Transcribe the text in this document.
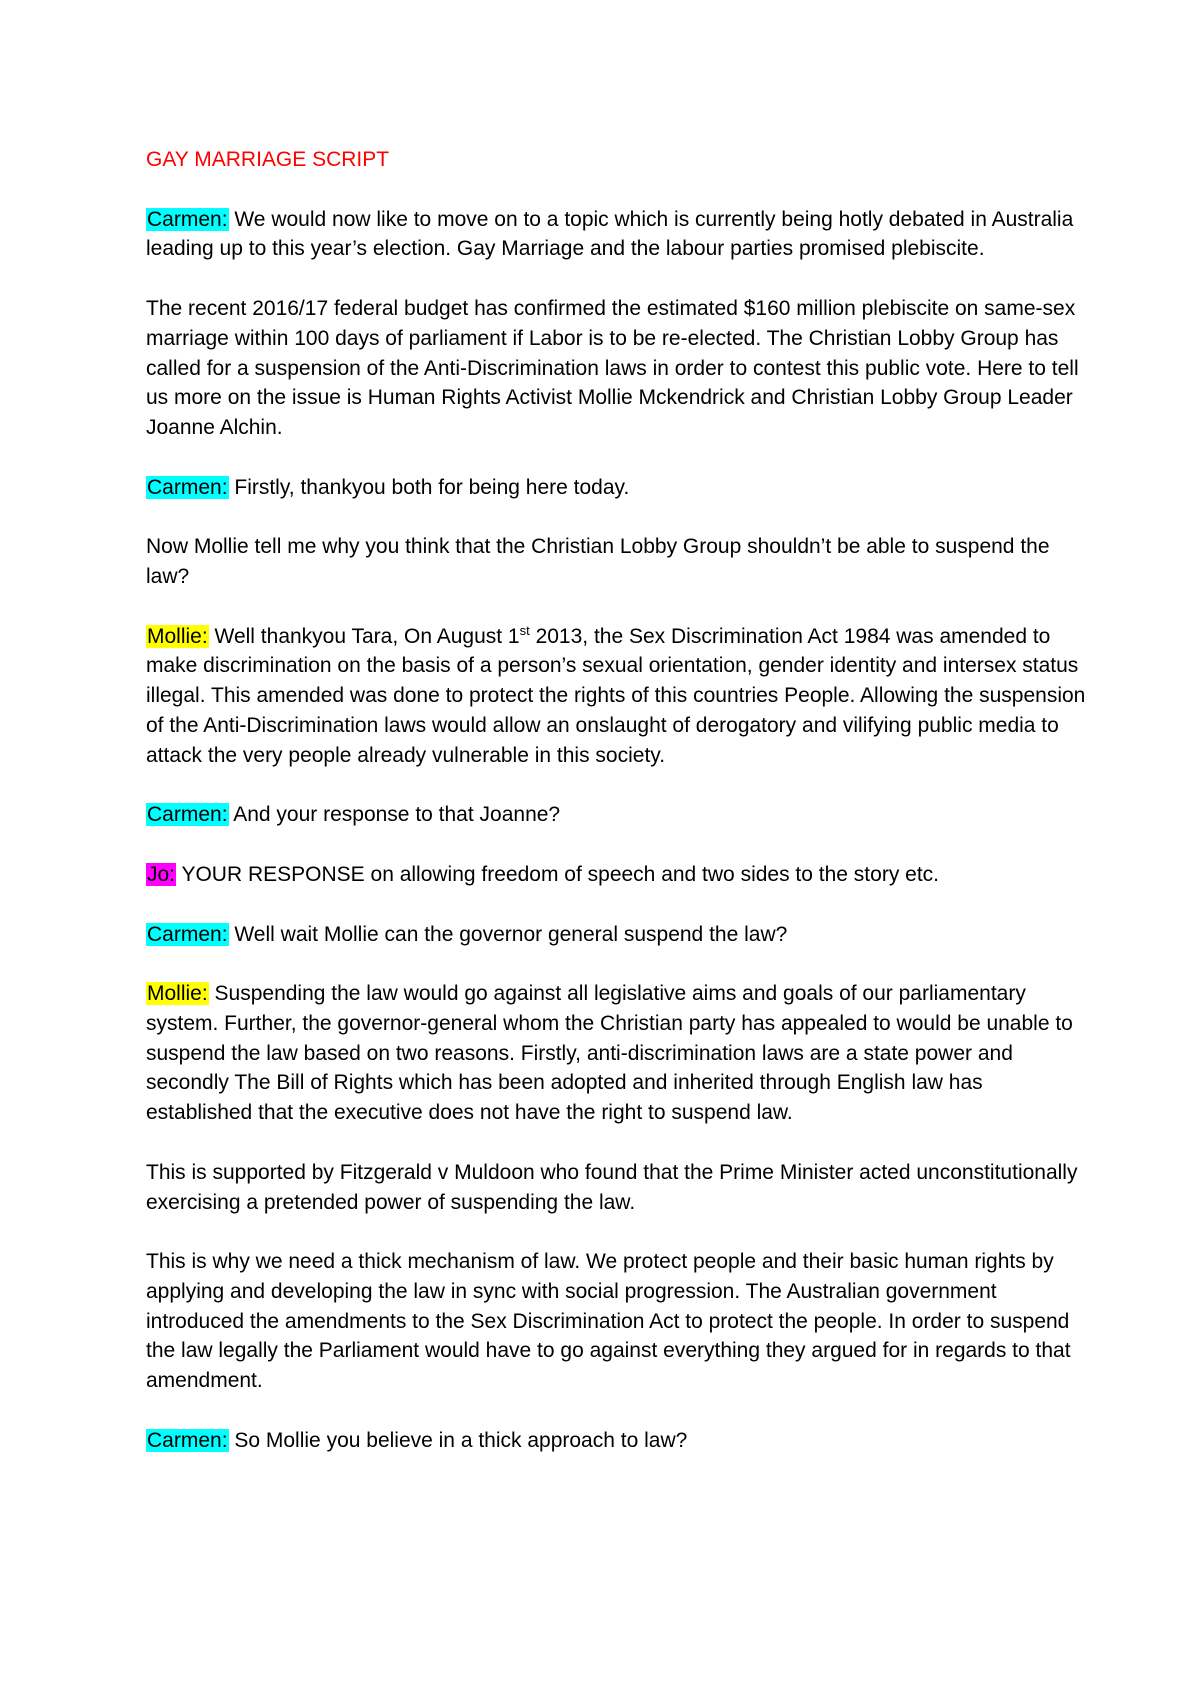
GAY MARRIAGE SCRIPT

Carmen: We would now like to move on to a topic which is currently being hotly debated in Australia leading up to this year’s election. Gay Marriage and the labour parties promised plebiscite.

The recent 2016/17 federal budget has confirmed the estimated $160 million plebiscite on same-sex marriage within 100 days of parliament if Labor is to be re-elected. The Christian Lobby Group has called for a suspension of the Anti-Discrimination laws in order to contest this public vote. Here to tell us more on the issue is Human Rights Activist Mollie Mckendrick and Christian Lobby Group Leader Joanne Alchin.

Carmen: Firstly, thankyou both for being here today.

Now Mollie tell me why you think that the Christian Lobby Group shouldn’t be able to suspend the law?

Mollie: Well thankyou Tara, On August 1st 2013, the Sex Discrimination Act 1984 was amended to make discrimination on the basis of a person’s sexual orientation, gender identity and intersex status illegal. This amended was done to protect the rights of this countries People. Allowing the suspension of the Anti-Discrimination laws would allow an onslaught of derogatory and vilifying public media to attack the very people already vulnerable in this society.

Carmen: And your response to that Joanne?

Jo: YOUR RESPONSE on allowing freedom of speech and two sides to the story etc.

Carmen: Well wait Mollie can the governor general suspend the law?

Mollie: Suspending the law would go against all legislative aims and goals of our parliamentary system. Further, the governor-general whom the Christian party has appealed to would be unable to suspend the law based on two reasons. Firstly, anti-discrimination laws are a state power and secondly The Bill of Rights which has been adopted and inherited through English law has established that the executive does not have the right to suspend law.

This is supported by Fitzgerald v Muldoon who found that the Prime Minister acted unconstitutionally exercising a pretended power of suspending the law.

This is why we need a thick mechanism of law. We protect people and their basic human rights by applying and developing the law in sync with social progression. The Australian government introduced the amendments to the Sex Discrimination Act to protect the people. In order to suspend the law legally the Parliament would have to go against everything they argued for in regards to that amendment.

Carmen: So Mollie you believe in a thick approach to law?
